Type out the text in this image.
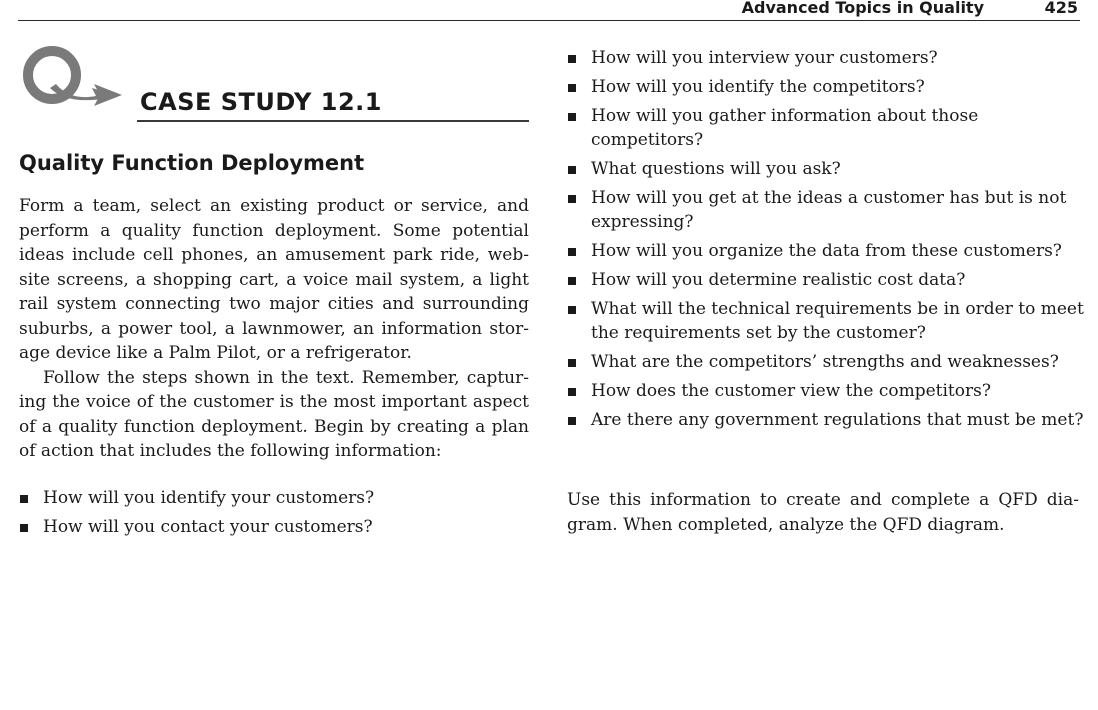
Advanced Topics in Quality	425
CASE STUDY 12.1
Quality Function Deployment

Form a team, select an existing product or service, and perform a quality function deployment. Some potential ideas include cell phones, an amusement park ride, web-site screens, a shopping cart, a voice mail system, a light rail system connecting two major cities and surrounding suburbs, a power tool, a lawnmower, an information stor-age device like a Palm Pilot, or a refrigerator.

Follow the steps shown in the text. Remember, captur-ing the voice of the customer is the most important aspect of a quality function deployment. Begin by creating a plan of action that includes the following information:

How will you identify your customers?
How will you contact your customers?
How will you interview your customers?
How will you identify the competitors?
How will you gather information about those competitors?
What questions will you ask?
How will you get at the ideas a customer has but is not expressing?
How will you organize the data from these customers?
How will you determine realistic cost data?
What will the technical requirements be in order to meet the requirements set by the customer?
What are the competitors’ strengths and weaknesses?
How does the customer view the competitors?
Are there any government regulations that must be met?

Use this information to create and complete a QFD dia-gram. When completed, analyze the QFD diagram.
